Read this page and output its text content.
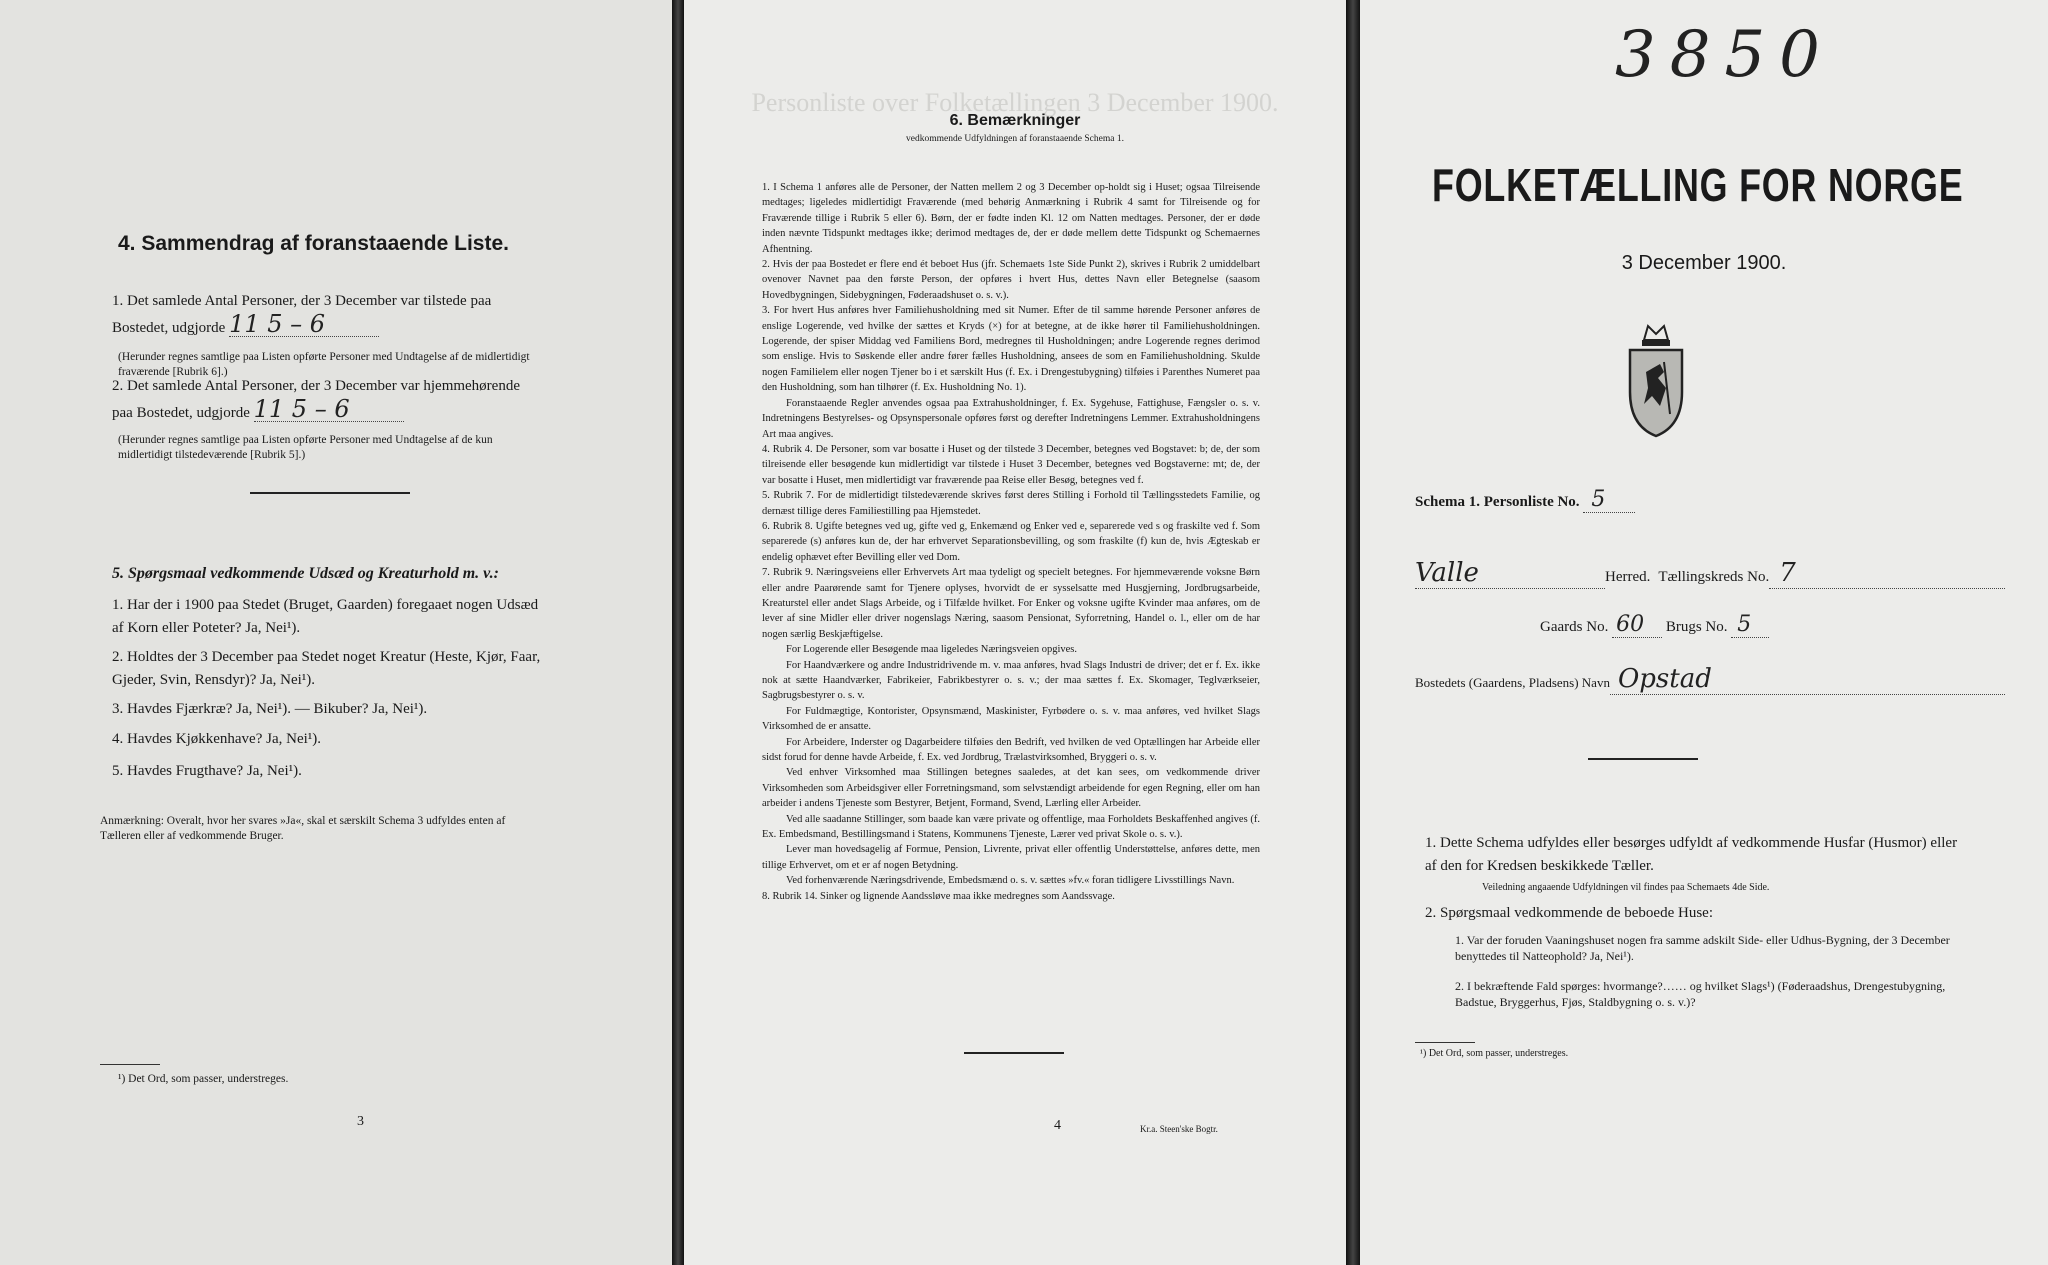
4. Sammendrag af foranstaaende Liste.
1. Det samlede Antal Personer, der 3 December var tilstede paa Bostedet, udgjorde 11 5 – 6
(Herunder regnes samtlige paa Listen opførte Personer med Undtagelse af de midlertidigt fraværende [Rubrik 6].)
2. Det samlede Antal Personer, der 3 December var hjemmehørende paa Bostedet, udgjorde 11 5 – 6
(Herunder regnes samtlige paa Listen opførte Personer med Undtagelse af de kun midlertidigt tilstedeværende [Rubrik 5].)
5. Spørgsmaal vedkommende Udsæd og Kreaturhold m. v.:
1. Har der i 1900 paa Stedet (Bruget, Gaarden) foregaaet nogen Udsæd af Korn eller Poteter? Ja, Nei¹).
2. Holdtes der 3 December paa Stedet noget Kreatur (Heste, Kjør, Faar, Gjeder, Svin, Rensdyr)? Ja, Nei¹).
3. Havdes Fjærkræ? Ja, Nei¹). — Bikuber? Ja, Nei¹).
4. Havdes Kjøkkenhave? Ja, Nei¹).
5. Havdes Frugthave? Ja, Nei¹).
Anmærkning: Overalt, hvor her svares »Ja«, skal et særskilt Schema 3 udfyldes enten af Tælleren eller af vedkommende Bruger.
¹) Det Ord, som passer, understreges.
3
Personliste over Folketællingen 3 December 1900.
6. Bemærkninger
vedkommende Udfyldningen af foranstaaende Schema 1.

1. I Schema 1 anføres alle de Personer, der Natten mellem 2 og 3 December op-holdt sig i Huset; ogsaa Tilreisende medtages; ligeledes midlertidigt Fraværende (med behørig Anmærkning i Rubrik 4 samt for Tilreisende og for Fraværende tillige i Rubrik 5 eller 6). Børn, der er fødte inden Kl. 12 om Natten medtages. Personer, der er døde inden nævnte Tidspunkt medtages ikke; derimod medtages de, der er døde mellem dette Tidspunkt og Schemaernes Afhentning.

2. Hvis der paa Bostedet er flere end ét beboet Hus (jfr. Schemaets 1ste Side Punkt 2), skrives i Rubrik 2 umiddelbart ovenover Navnet paa den første Person, der opføres i hvert Hus, dettes Navn eller Betegnelse (saasom Hovedbygningen, Sidebygningen, Føderaadshuset o. s. v.).

3. For hvert Hus anføres hver Familiehusholdning med sit Numer. Efter de til samme hørende Personer anføres de enslige Logerende, ved hvilke der sættes et Kryds (×) for at betegne, at de ikke hører til Familiehusholdningen. Logerende, der spiser Middag ved Familiens Bord, medregnes til Husholdningen; andre Logerende regnes derimod som enslige. Hvis to Søskende eller andre fører fælles Husholdning, ansees de som en Familiehusholdning. Skulde nogen Familielem eller nogen Tjener bo i et særskilt Hus (f. Ex. i Drengestubygning) tilføies i Parenthes Numeret paa den Husholdning, som han tilhører (f. Ex. Husholdning No. 1).

Foranstaaende Regler anvendes ogsaa paa Extrahusholdninger, f. Ex. Sygehuse, Fattighuse, Fængsler o. s. v. Indretningens Bestyrelses- og Opsynspersonale opføres først og derefter Indretningens Lemmer. Extrahusholdningens Art maa angives.

4. Rubrik 4. De Personer, som var bosatte i Huset og der tilstede 3 December, betegnes ved Bogstavet: b; de, der som tilreisende eller besøgende kun midlertidigt var tilstede i Huset 3 December, betegnes ved Bogstaverne: mt; de, der var bosatte i Huset, men midlertidigt var fraværende paa Reise eller Besøg, betegnes ved f.

5. Rubrik 7. For de midlertidigt tilstedeværende skrives først deres Stilling i Forhold til Tællingsstedets Familie, og dernæst tillige deres Familiestilling paa Hjemstedet.

6. Rubrik 8. Ugifte betegnes ved ug, gifte ved g, Enkemænd og Enker ved e, separerede ved s og fraskilte ved f. Som separerede (s) anføres kun de, der har erhvervet Separationsbevilling, og som fraskilte (f) kun de, hvis Ægteskab er endelig ophævet efter Bevilling eller ved Dom.

7. Rubrik 9. Næringsveiens eller Erhvervets Art maa tydeligt og specielt betegnes. For hjemmeværende voksne Børn eller andre Paarørende samt for Tjenere oplyses, hvorvidt de er sysselsatte med Husgjerning, Jordbrugsarbeide, Kreaturstel eller andet Slags Arbeide, og i Tilfælde hvilket. For Enker og voksne ugifte Kvinder maa anføres, om de lever af sine Midler eller driver nogenslags Næring, saasom Pensionat, Syforretning, Handel o. l., eller om de har nogen særlig Beskjæftigelse.

For Logerende eller Besøgende maa ligeledes Næringsveien opgives.

For Haandværkere og andre Industridrivende m. v. maa anføres, hvad Slags Industri de driver; det er f. Ex. ikke nok at sætte Haandværker, Fabrikeier, Fabrikbestyrer o. s. v.; der maa sættes f. Ex. Skomager, Teglværkseier, Sagbrugsbestyrer o. s. v.

For Fuldmægtige, Kontorister, Opsynsmænd, Maskinister, Fyrbødere o. s. v. maa anføres, ved hvilket Slags Virksomhed de er ansatte.

For Arbeidere, Inderster og Dagarbeidere tilføies den Bedrift, ved hvilken de ved Optællingen har Arbeide eller sidst forud for denne havde Arbeide, f. Ex. ved Jordbrug, Trælastvirksomhed, Bryggeri o. s. v.

Ved enhver Virksomhed maa Stillingen betegnes saaledes, at det kan sees, om vedkommende driver Virksomheden som Arbeidsgiver eller Forretningsmand, som selvstændigt arbeidende for egen Regning, eller om han arbeider i andens Tjeneste som Bestyrer, Betjent, Formand, Svend, Lærling eller Arbeider.

Ved alle saadanne Stillinger, som baade kan være private og offentlige, maa Forholdets Beskaffenhed angives (f. Ex. Embedsmand, Bestillingsmand i Statens, Kommunens Tjeneste, Lærer ved privat Skole o. s. v.).

Lever man hovedsagelig af Formue, Pension, Livrente, privat eller offentlig Understøttelse, anføres dette, men tillige Erhvervet, om et er af nogen Betydning.

Ved forhenværende Næringsdrivende, Embedsmænd o. s. v. sættes »fv.« foran tidligere Livsstillings Navn.

8. Rubrik 14. Sinker og lignende Aandssløve maa ikke medregnes som Aandssvage.

4	Kr.a. Steen'ske Bogtr.
3850
FOLKETÆLLING FOR NORGE
3 December 1900.
Schema 1. Personliste No. 5
Valle	Herred. Tællingskreds No. 7
Gaards No. 60 Brugs No. 5
Bostedets (Gaardens, Pladsens) Navn Opstad
1. Dette Schema udfyldes eller besørges udfyldt af vedkommende Husfar (Husmor) eller af den for Kredsen beskikkede Tæller.
Veiledning angaaende Udfyldningen vil findes paa Schemaets 4de Side.
2. Spørgsmaal vedkommende de beboede Huse:
1. Var der foruden Vaaningshuset nogen fra samme adskilt Side- eller Udhus-Bygning, der 3 December benyttedes til Natteophold? Ja, Nei¹).
2. I bekræftende Fald spørges: hvormange?…… og hvilket Slags¹) (Føderaadshus, Drengestubygning, Badstue, Bryggerhus, Fjøs, Staldbygning o. s. v.)?
¹) Det Ord, som passer, understreges.
